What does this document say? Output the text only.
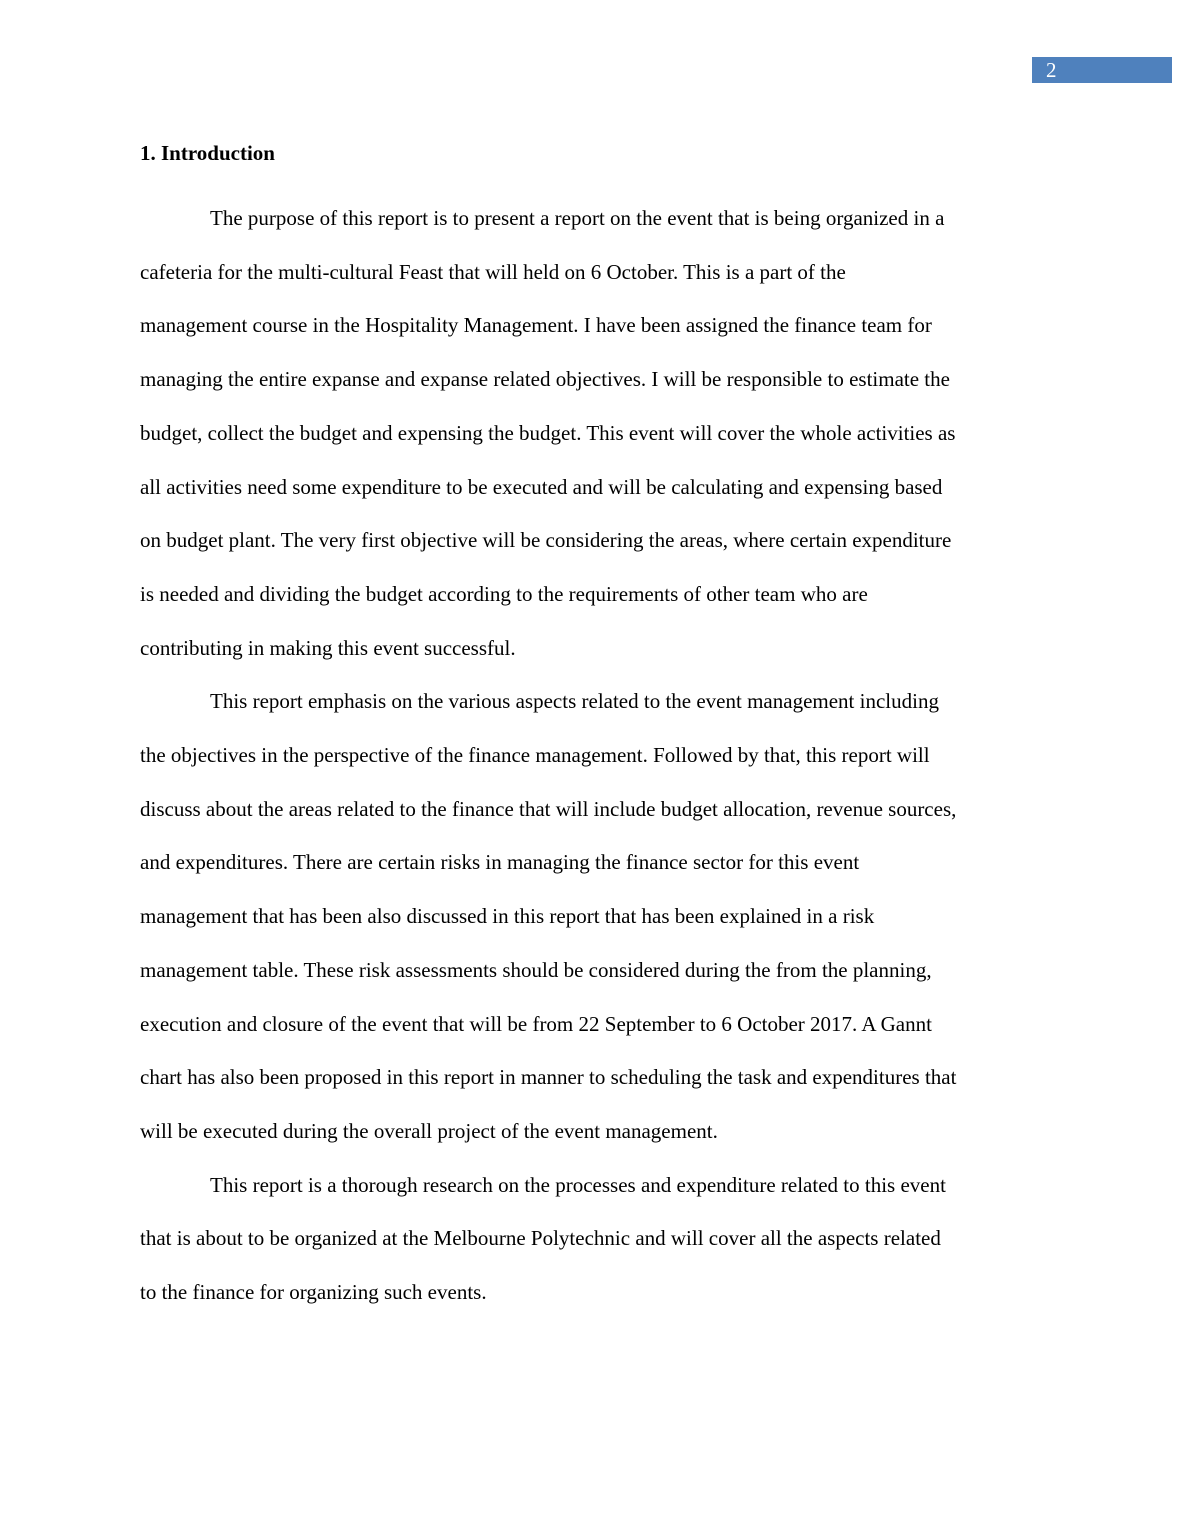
2
1. Introduction
The purpose of this report is to present a report on the event that is being organized in a
cafeteria for the multi-cultural Feast that will held on 6 October. This is a part of the
management course in the Hospitality Management. I have been assigned the finance team for
managing the entire expanse and expanse related objectives. I will be responsible to estimate the
budget, collect the budget and expensing the budget. This event will cover the whole activities as
all activities need some expenditure to be executed and will be calculating and expensing based
on budget plant. The very first objective will be considering the areas, where certain expenditure
is needed and dividing the budget according to the requirements of other team who are
contributing in making this event successful.
This report emphasis on the various aspects related to the event management including
the objectives in the perspective of the finance management. Followed by that, this report will
discuss about the areas related to the finance that will include budget allocation, revenue sources,
and expenditures. There are certain risks in managing the finance sector for this event
management that has been also discussed in this report that has been explained in a risk
management table. These risk assessments should be considered during the from the planning,
execution and closure of the event that will be from 22 September to 6 October 2017. A Gannt
chart has also been proposed in this report in manner to scheduling the task and expenditures that
will be executed during the overall project of the event management.
This report is a thorough research on the processes and expenditure related to this event
that is about to be organized at the Melbourne Polytechnic and will cover all the aspects related
to the finance for organizing such events.
